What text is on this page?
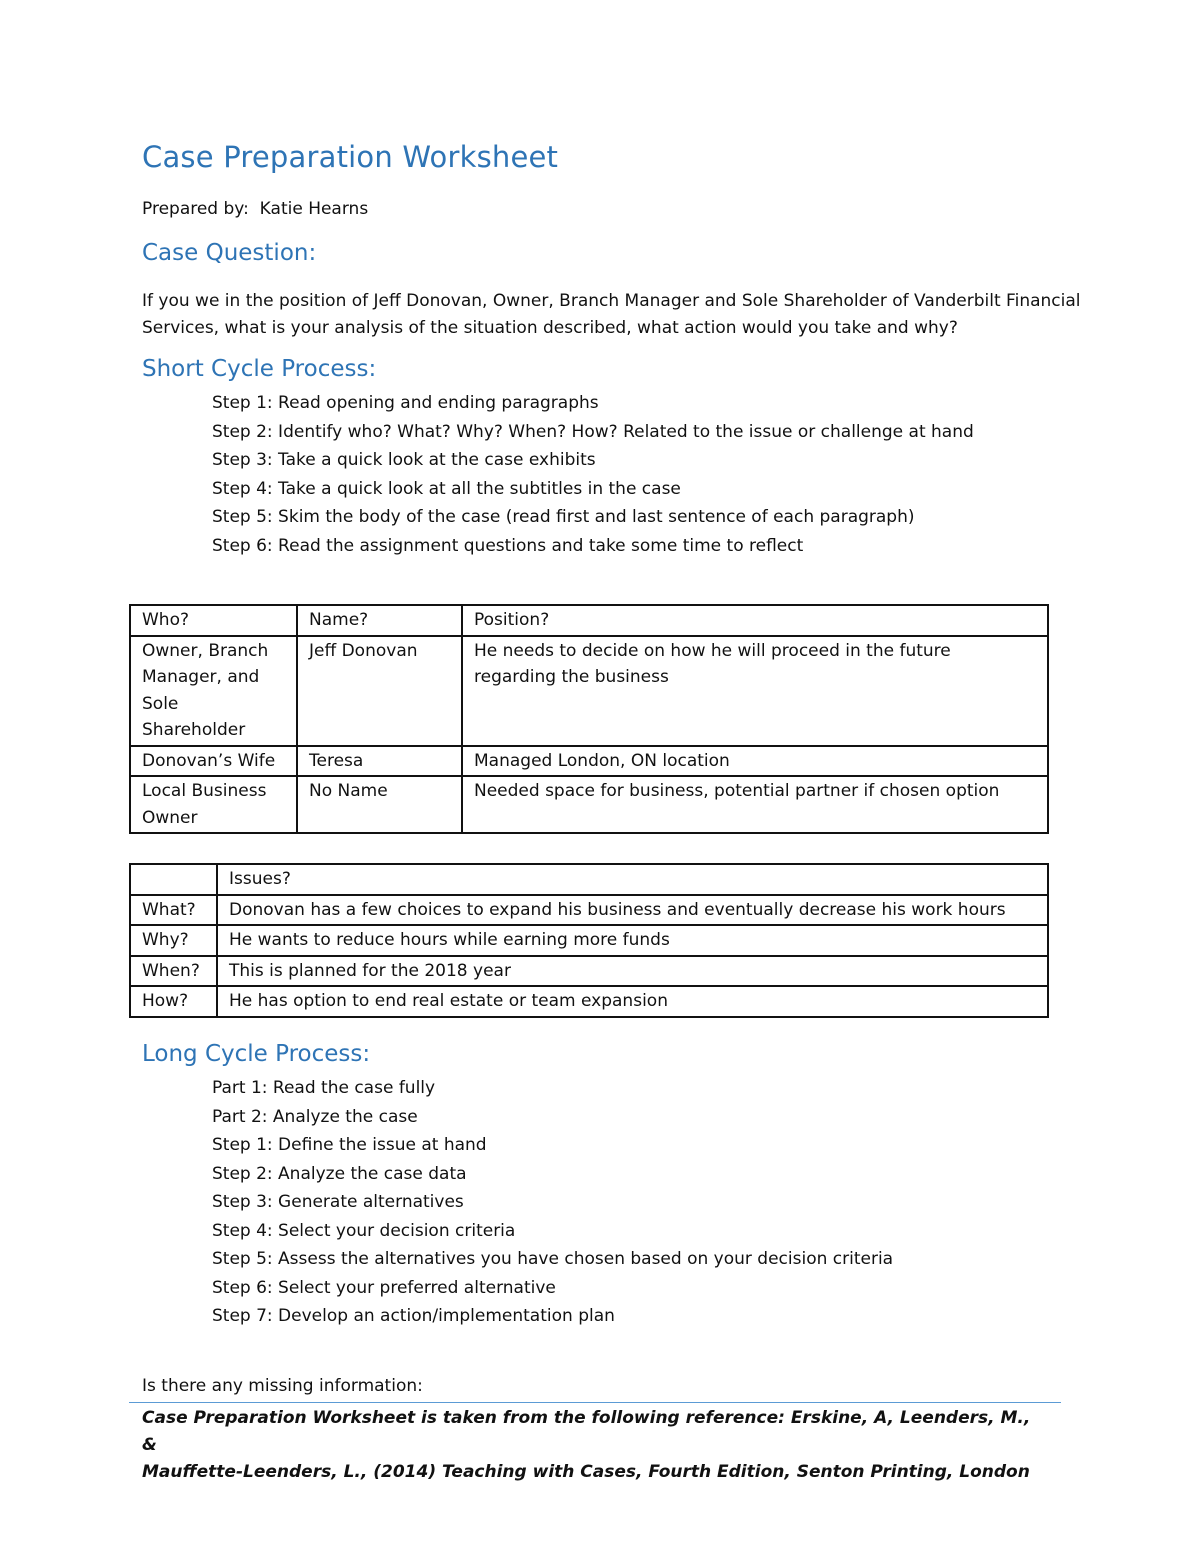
Case Preparation Worksheet
Prepared by: Katie Hearns
Case Question:
If you we in the position of Jeff Donovan, Owner, Branch Manager and Sole Shareholder of Vanderbilt Financial Services, what is your analysis of the situation described, what action would you take and why?
Short Cycle Process:
Step 1: Read opening and ending paragraphs
Step 2: Identify who? What? Why? When? How? Related to the issue or challenge at hand
Step 3: Take a quick look at the case exhibits
Step 4: Take a quick look at all the subtitles in the case
Step 5: Skim the body of the case (read first and last sentence of each paragraph)
Step 6: Read the assignment questions and take some time to reflect
Who?	Name?	Position?
Owner, Branch Manager, and Sole Shareholder	Jeff Donovan	He needs to decide on how he will proceed in the future regarding the business
Donovan’s Wife	Teresa	Managed London, ON location
Local Business Owner	No Name	Needed space for business, potential partner if chosen option
	Issues?
What?	Donovan has a few choices to expand his business and eventually decrease his work hours
Why?	He wants to reduce hours while earning more funds
When?	This is planned for the 2018 year
How?	He has option to end real estate or team expansion
Long Cycle Process:
Part 1: Read the case fully
Part 2: Analyze the case
Step 1: Define the issue at hand
Step 2: Analyze the case data
Step 3: Generate alternatives
Step 4: Select your decision criteria
Step 5: Assess the alternatives you have chosen based on your decision criteria
Step 6: Select your preferred alternative
Step 7: Develop an action/implementation plan
Is there any missing information:
Case Preparation Worksheet is taken from the following reference: Erskine, A, Leenders, M., &
Mauffette-Leenders, L., (2014) Teaching with Cases, Fourth Edition, Senton Printing, London
